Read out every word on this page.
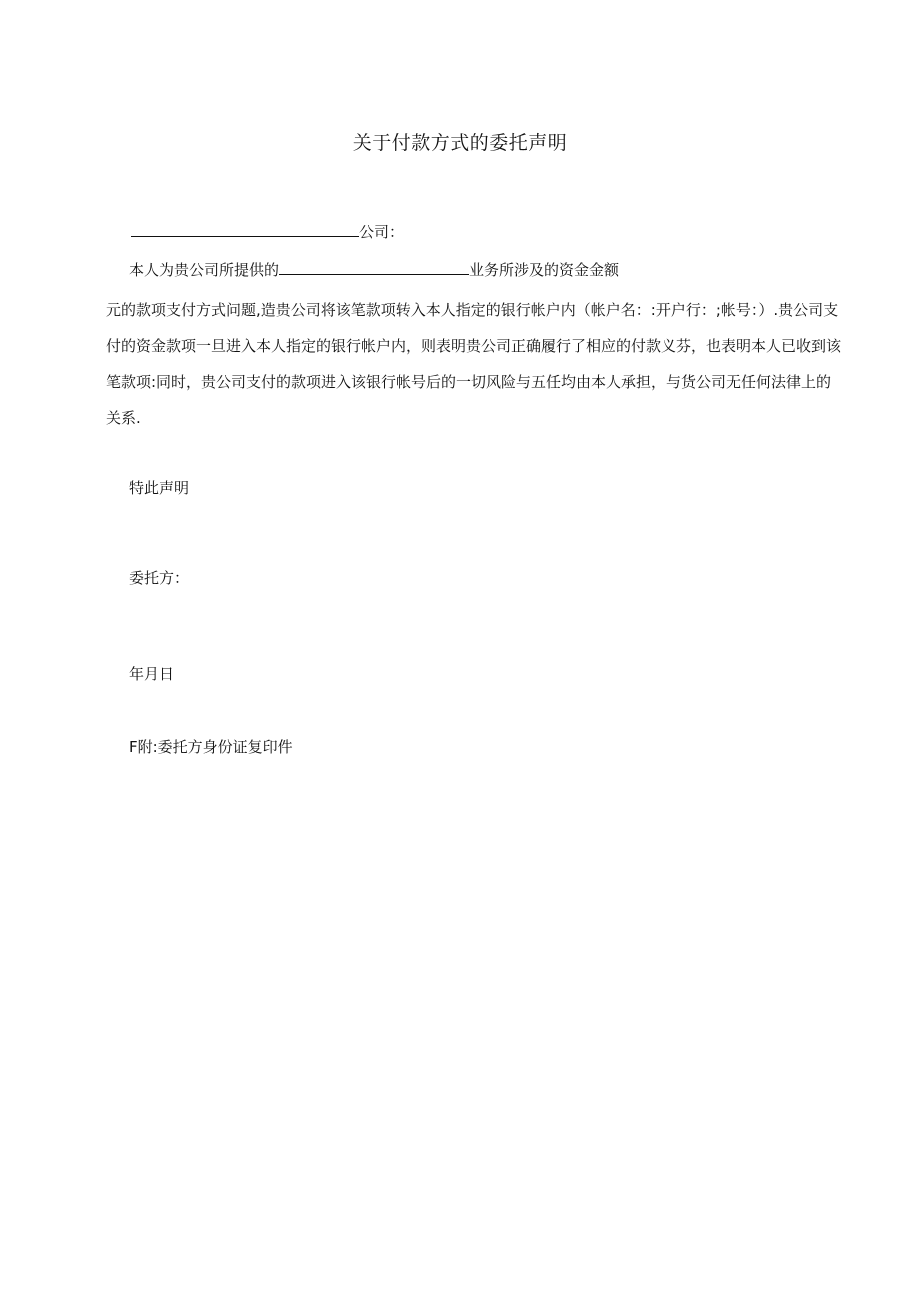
关于付款方式的委托声明
公司：
本人为贵公司所提供的	业务所涉及的资金金额
元的款项支付方式问题,造贵公司将该笔款项转入本人指定的银行帐户内（帐户名：:开户行：;帐号：）.贵公司支
付的资金款项一旦进入本人指定的银行帐户内，则表明贵公司正确履行了相应的付款义芬，也表明本人已收到该
笔款项:同时，贵公司支付的款项进入该银行帐号后的一切风险与五任均由本人承担，与货公司无任何法律上的
关系.
特此声明
委托方：
年月日
F附:委托方身份证复印件
